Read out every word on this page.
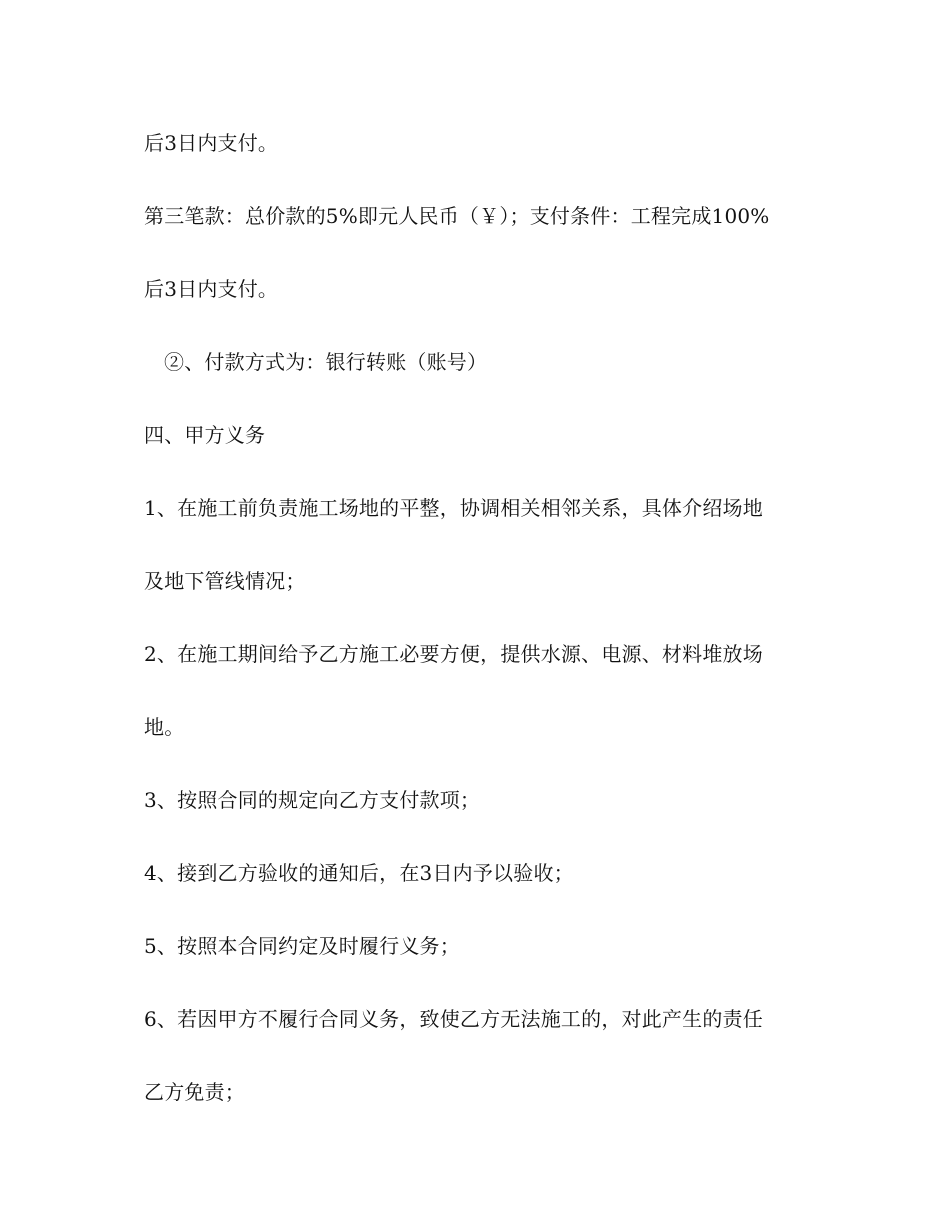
后3日内支付。
第三笔款：总价款的5%即元人民币（￥）；支付条件：工程完成100%
后3日内支付。
②、付款方式为：银行转账（账号）
四、甲方义务
1、在施工前负责施工场地的平整，协调相关相邻关系，具体介绍场地
及地下管线情况；
2、在施工期间给予乙方施工必要方便，提供水源、电源、材料堆放场
地。
3、按照合同的规定向乙方支付款项；
4、接到乙方验收的通知后，在3日内予以验收；
5、按照本合同约定及时履行义务；
6、若因甲方不履行合同义务，致使乙方无法施工的，对此产生的责任
乙方免责；
